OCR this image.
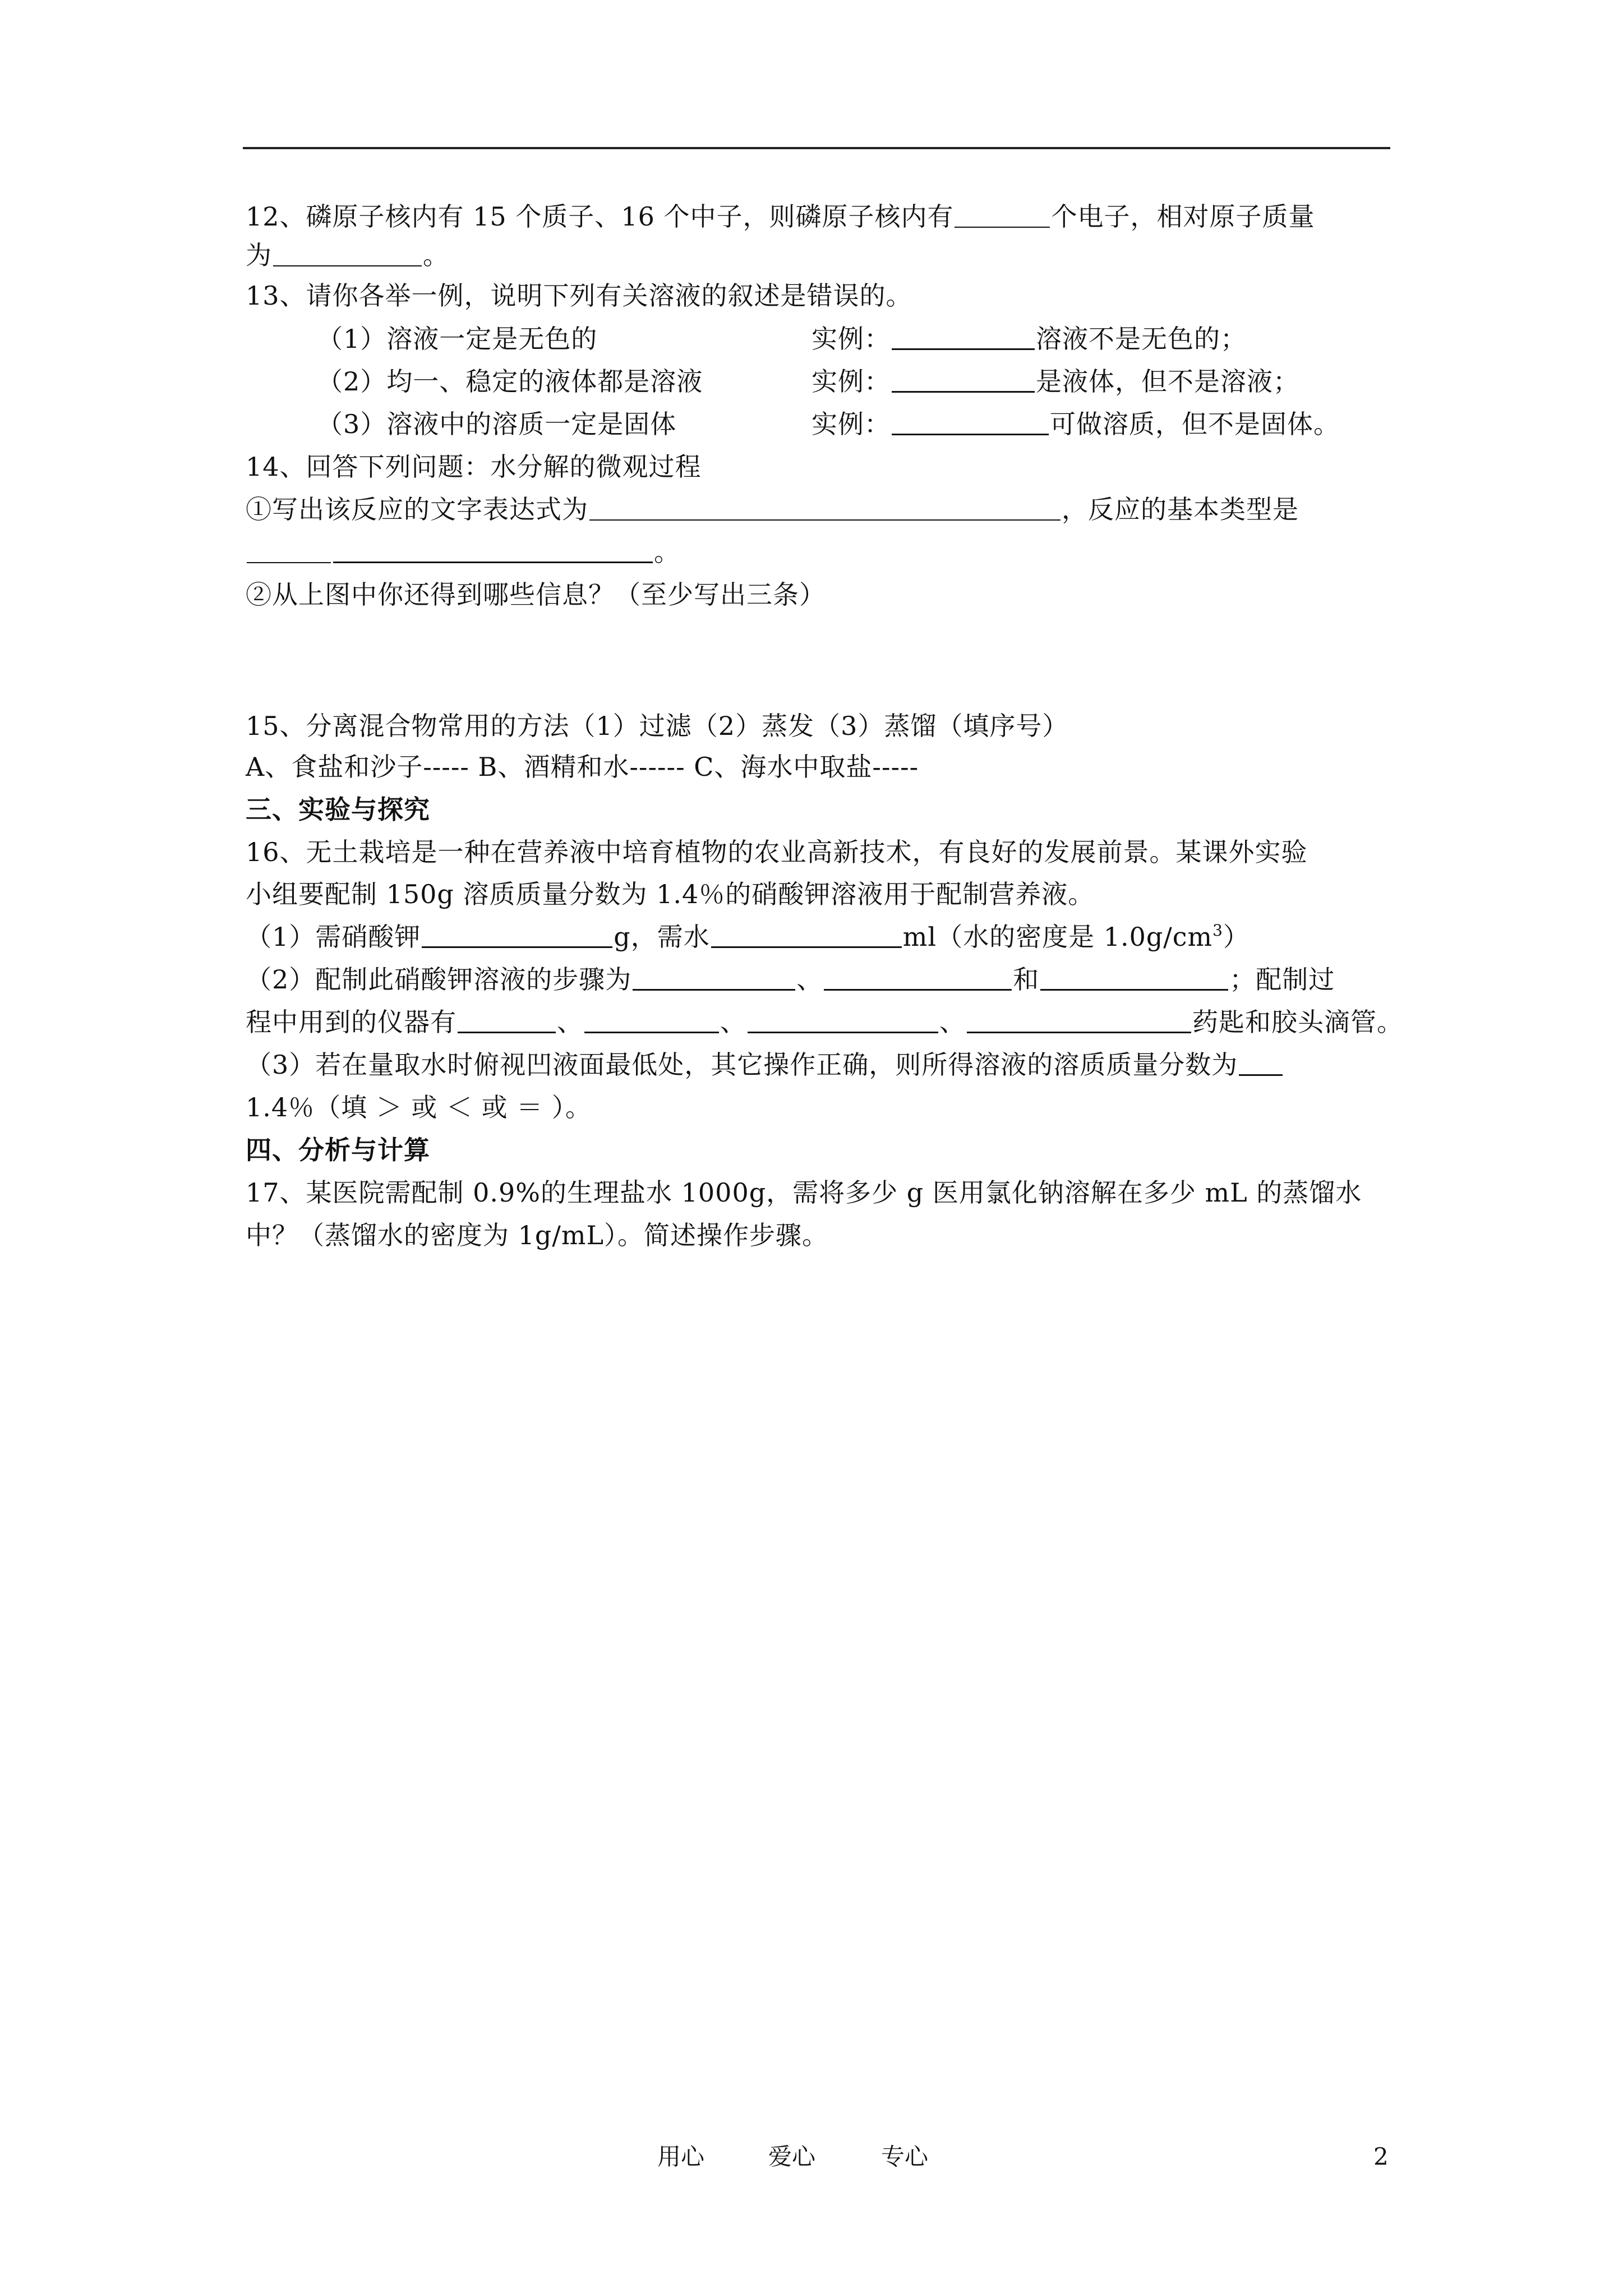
12、磷原子核内有 15 个质子、16 个中子，则磷原子核内有	个电子，相对原子质量
为	。
13、请你各举一例，说明下列有关溶液的叙述是错误的。
（1）溶液一定是无色的	实例：	溶液不是无色的；
（2）均一、稳定的液体都是溶液	实例：	是液体，但不是溶液；
（3）溶液中的溶质一定是固体	实例：	可做溶质，但不是固体。
14、回答下列问题：水分解的微观过程
①写出该反应的文字表达式为	，反应的基本类型是
。
②从上图中你还得到哪些信息？（至少写出三条）
15、分离混合物常用的方法（1）过滤（2）蒸发（3）蒸馏（填序号）
A、食盐和沙子----- B、酒精和水------ C、海水中取盐-----
三、实验与探究
16、无土栽培是一种在营养液中培育植物的农业高新技术，有良好的发展前景。某课外实验
小组要配制 150g 溶质质量分数为 1.4％的硝酸钾溶液用于配制营养液。
（1）需硝酸钾	g，需水	ml（水的密度是 $1.0g/cm^3$）
（2）配制此硝酸钾溶液的步骤为	、	和	；配制过
程中用到的仪器有	、	、	、	药匙和胶头滴管。
（3）若在量取水时俯视凹液面最低处，其它操作正确，则所得溶液的溶质质量分数为
1.4％（填 ＞ 或 ＜ 或 ＝ ）。
四、分析与计算
17、某医院需配制 0.9%的生理盐水 1000g，需将多少 g 医用氯化钠溶解在多少 mL 的蒸馏水
中？（蒸馏水的密度为 1g/mL）。简述操作步骤。
用心	爱心	专心	2
